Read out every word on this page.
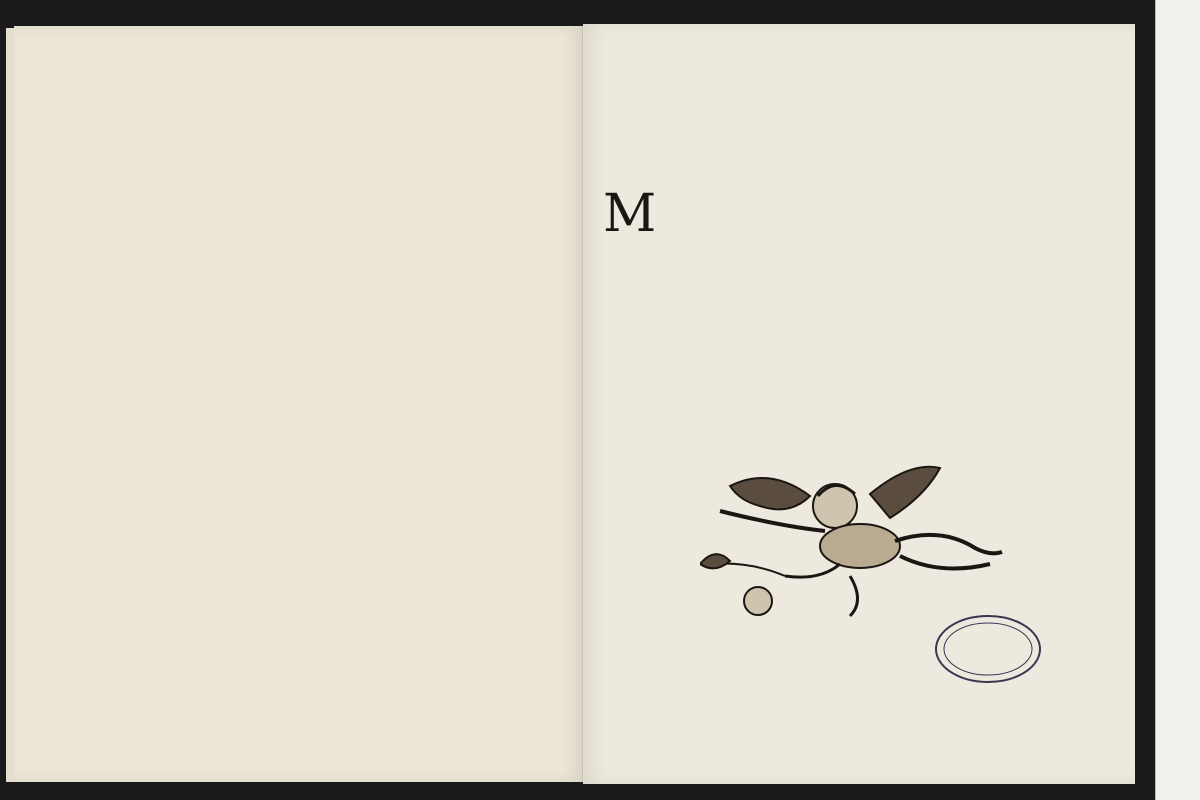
M
